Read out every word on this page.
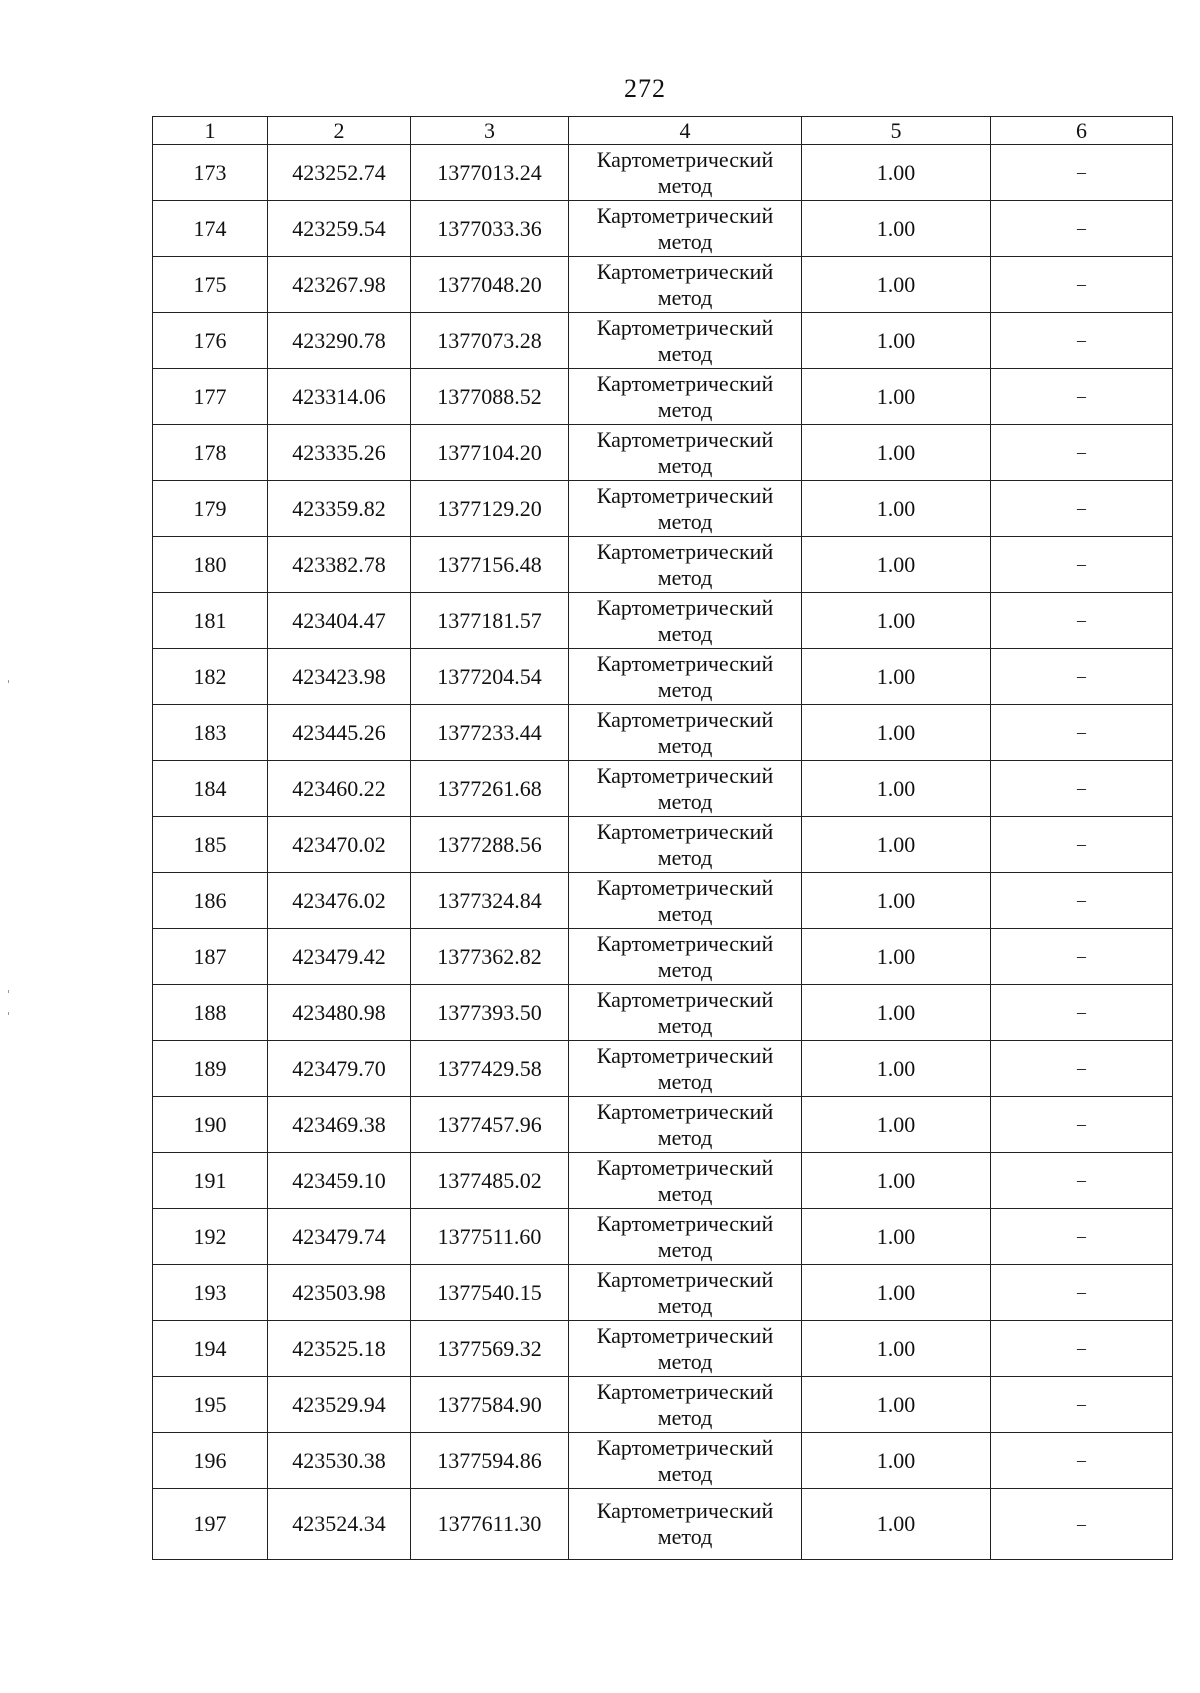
272
1	2	3	4	5	6
173	423252.74	1377013.24	Картометрический метод	1.00	–
174	423259.54	1377033.36	Картометрический метод	1.00	–
175	423267.98	1377048.20	Картометрический метод	1.00	–
176	423290.78	1377073.28	Картометрический метод	1.00	–
177	423314.06	1377088.52	Картометрический метод	1.00	–
178	423335.26	1377104.20	Картометрический метод	1.00	–
179	423359.82	1377129.20	Картометрический метод	1.00	–
180	423382.78	1377156.48	Картометрический метод	1.00	–
181	423404.47	1377181.57	Картометрический метод	1.00	–
182	423423.98	1377204.54	Картометрический метод	1.00	–
183	423445.26	1377233.44	Картометрический метод	1.00	–
184	423460.22	1377261.68	Картометрический метод	1.00	–
185	423470.02	1377288.56	Картометрический метод	1.00	–
186	423476.02	1377324.84	Картометрический метод	1.00	–
187	423479.42	1377362.82	Картометрический метод	1.00	–
188	423480.98	1377393.50	Картометрический метод	1.00	–
189	423479.70	1377429.58	Картометрический метод	1.00	–
190	423469.38	1377457.96	Картометрический метод	1.00	–
191	423459.10	1377485.02	Картометрический метод	1.00	–
192	423479.74	1377511.60	Картометрический метод	1.00	–
193	423503.98	1377540.15	Картометрический метод	1.00	–
194	423525.18	1377569.32	Картометрический метод	1.00	–
195	423529.94	1377584.90	Картометрический метод	1.00	–
196	423530.38	1377594.86	Картометрический метод	1.00	–
197	423524.34	1377611.30	Картометрический метод	1.00	–
